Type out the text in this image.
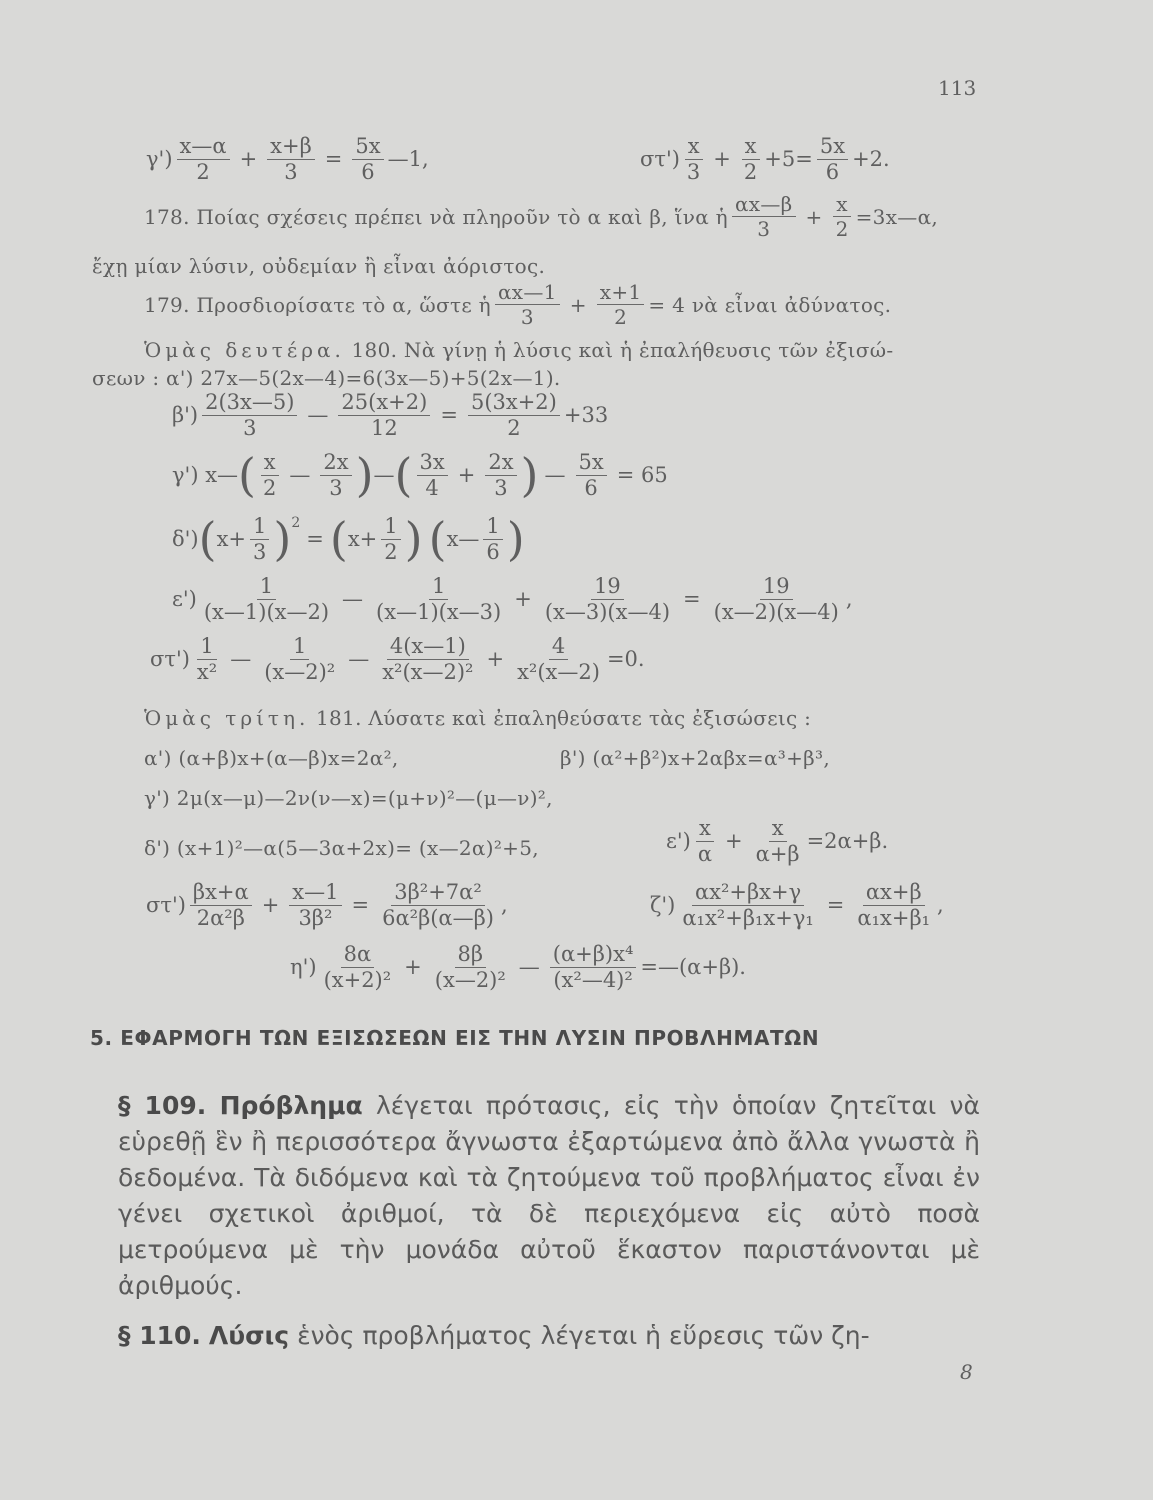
113
$\gamma') \frac{x—\alpha}{2} + \frac{x+\beta}{3} = \frac{5x}{6}$ —1,	$\sigma\tau') \frac{x}{3} + \frac{x}{2} +5= \frac{5x}{6} +2$.
178. Ποίας σχέσεις πρέπει νὰ πληροῦν τὸ α καὶ β, ἵνα ἡ $\frac{\alpha x—\beta}{3} + \frac{x}{2}$ =3x—α,
ἔχῃ μίαν λύσιν, οὐδεμίαν ἢ εἶναι ἀόριστος.
179. Προσδιορίσατε τὸ α, ὥστε ἡ $\frac{\alpha x—1}{3} + \frac{x+1}{2} = 4$ νὰ εἶναι ἀδύνατος.
Ὁμὰς δευτέρα. 180. Νὰ γίνῃ ἡ λύσις καὶ ἡ ἐπαλήθευσις τῶν ἐξισώ-
σεων : α') 27x—5(2x—4)=6(3x—5)+5(2x—1).
$\beta') \frac{2(3x—5)}{3}$ — $\frac{25(x+2)}{12} = \frac{5(3x+2)}{2} +33$
γ') x— ( $\frac{x}{2}$ — $\frac{2x}{3}$ ) — ( $\frac{3x}{4} + \frac{2x}{3}$ ) — $\frac{5x}{6} = 65$
δ') ( $x+ \frac{1}{3} )^2$
= ( $x+ \frac{1}{2}$ ) ( x— $\frac{1}{6}$ )
$\varepsilon') \frac{1}{(x—1)(x—2)}$ — $\frac{1}{(x—1)(x—3)} + \frac{19}{(x—3)(x—4)} = \frac{19}{(x—2)(x—4)}$ ,
$\sigma\tau') \frac{1}{\text{x²}}$ — $\frac{1}{\text{(x—2)²}}$ — $\frac{4(x—1)}{\text{x²(x—2)²}} + \frac{4}{\text{x²(x—2)}} =0$.
Ὁμὰς τρίτη. 181. Λύσατε καὶ ἐπαληθεύσατε τὰς ἐξισώσεις :
α') (α+β)x+(α—β)x=2α²,	β') (α²+β²)x+2αβx=α³+β³,
γ') 2μ(x—μ)—2ν(ν—x)=(μ+ν)²—(μ—ν)²,
δ') (x+1)²—α(5—3α+2x)= (x—2α)²+5,	$\varepsilon') \frac{x}{\alpha} + \frac{x}{\alpha+\beta} =2\alpha+\beta$.
$\sigma\tau') \frac{\beta x+\alpha}{\text{2α²β}} + \frac{x—1}{\text{3β²}} = \frac{\text{3β²+7α²}}{\text{6α²β(α—β)}}$ ,	$\zeta') \frac{\text{αx²+βx+γ}}{\text{α₁x²+β₁x+γ₁}} = \frac{\alpha x+\beta}{\text{α₁x+β₁}}$ ,
$\eta') \frac{8\alpha}{\text{(x+2)²}} + \frac{8\beta}{\text{(x—2)²}}$ — $\frac{\text{(α+β)x⁴}}{\text{(x²—4)²}}$ =—(α+β).
5. ΕΦΑΡΜΟΓΗ ΤΩΝ ΕΞΙΣΩΣΕΩΝ ΕΙΣ ΤΗΝ ΛΥΣΙΝ ΠΡΟΒΛΗΜΑΤΩΝ
§ 109. Πρόβλημα λέγεται πρότασις, εἰς τὴν ὁποίαν ζητεῖται νὰ εὑρεθῇ ἓν ἢ περισσότερα ἄγνωστα ἐξαρτώμενα ἀπὸ ἄλλα γνωστὰ ἢ δεδομένα. Τὰ διδόμενα καὶ τὰ ζητούμενα τοῦ προβλήματος εἶναι ἐν γένει σχετικοὶ ἀριθμοί, τὰ δὲ περιεχόμενα εἰς αὐτὸ ποσὰ μετρούμενα μὲ τὴν μονάδα αὐτοῦ ἕκαστον παριστάνονται μὲ ἀριθμούς.
§ 110. Λύσις ἑνὸς προβλήματος λέγεται ἡ εὕρεσις τῶν ζη-
8
